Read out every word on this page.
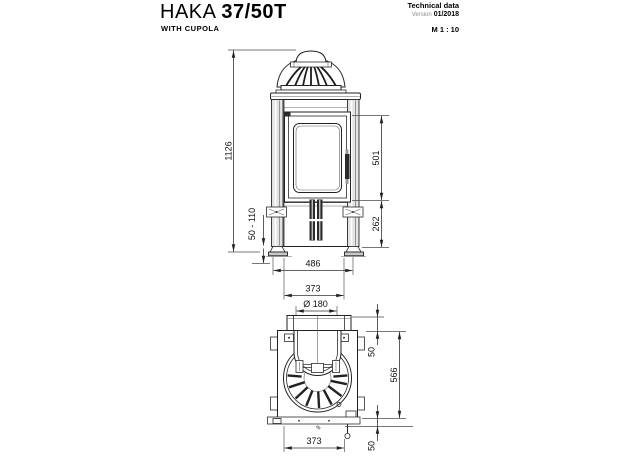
HAKA 37/50T
WITH CUPOLA
Technical data
Version 01/2018
M 1 : 10
1126
50 - 110
501
262
486
373
Ø 180
8
50
566
50
373
